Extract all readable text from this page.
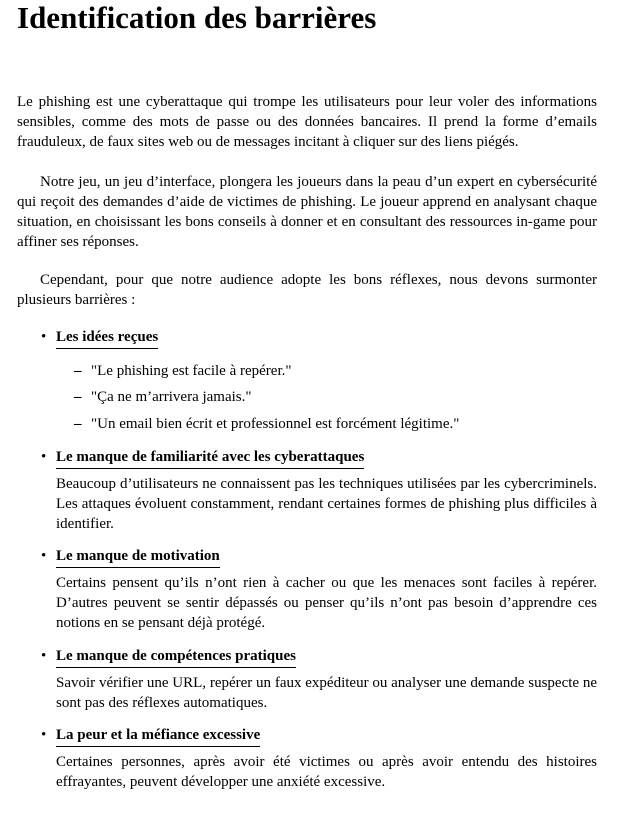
Identification des barrières

Le phishing est une cyberattaque qui trompe les utilisateurs pour leur voler des informations sensibles, comme des mots de passe ou des données bancaires. Il prend la forme d’emails frauduleux, de faux sites web ou de messages incitant à cliquer sur des liens piégés.

Notre jeu, un jeu d’interface, plongera les joueurs dans la peau d’un expert en cybersécurité qui reçoit des demandes d’aide de victimes de phishing. Le joueur apprend en analysant chaque situation, en choisissant les bons conseils à donner et en consultant des ressources in-game pour affiner ses réponses.

Cependant, pour que notre audience adopte les bons réflexes, nous devons surmonter plusieurs barrières :

• Les idées reçues
– "Le phishing est facile à repérer."
– "Ça ne m’arrivera jamais."
– "Un email bien écrit et professionnel est forcément légitime."
• Le manque de familiarité avec les cyberattaques

Beaucoup d’utilisateurs ne connaissent pas les techniques utilisées par les cybercriminels. Les attaques évoluent constamment, rendant certaines formes de phishing plus difficiles à identifier.

• Le manque de motivation

Certains pensent qu’ils n’ont rien à cacher ou que les menaces sont faciles à repérer. D’autres peuvent se sentir dépassés ou penser qu’ils n’ont pas besoin d’apprendre ces notions en se pensant déjà protégé.

• Le manque de compétences pratiques

Savoir vérifier une URL, repérer un faux expéditeur ou analyser une demande suspecte ne sont pas des réflexes automatiques.

• La peur et la méfiance excessive

Certaines personnes, après avoir été victimes ou après avoir entendu des histoires effrayantes, peuvent développer une anxiété excessive.
